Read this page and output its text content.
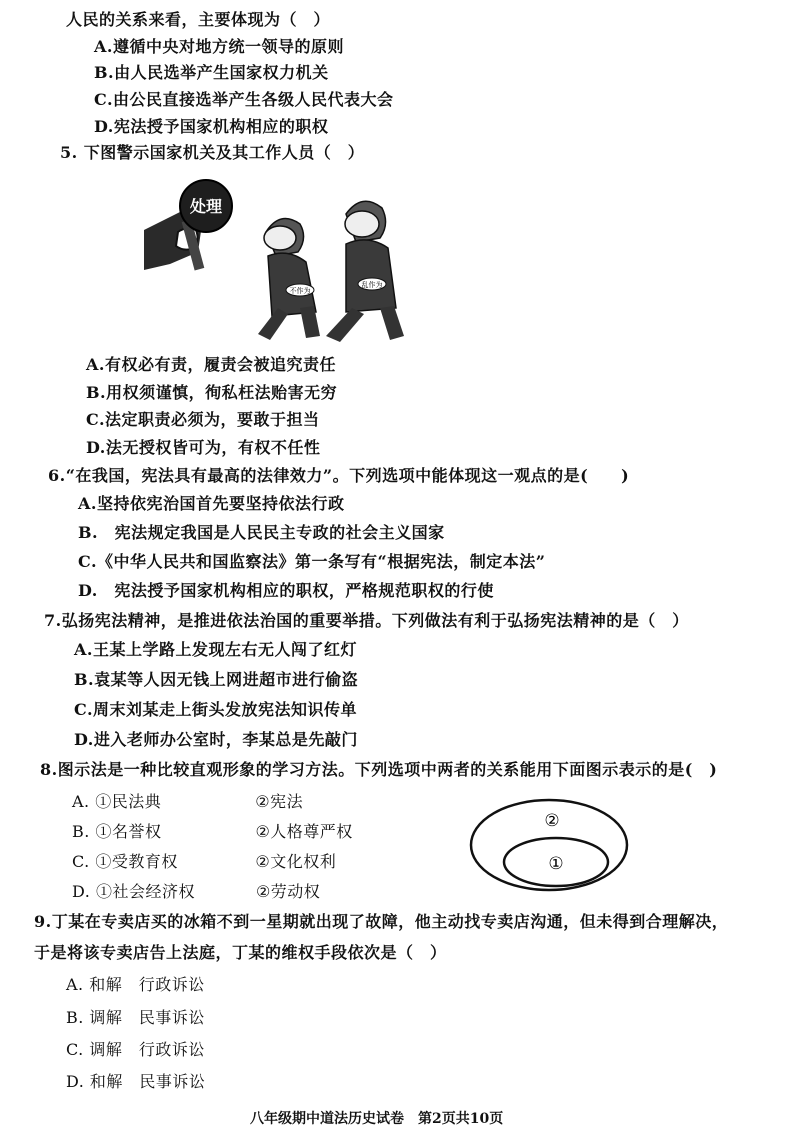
人民的关系来看，主要体现为（　）
A.遵循中央对地方统一领导的原则
B.由人民选举产生国家权力机关
C.由公民直接选举产生各级人民代表大会
D.宪法授予国家机构相应的职权
5. 下图警示国家机关及其工作人员（　）
处理
不作为
乱作为
A.有权必有责，履责会被追究责任
B.用权须谨慎，徇私枉法贻害无穷
C.法定职责必须为，要敢于担当
D.法无授权皆可为，有权不任性
6.“在我国，宪法具有最高的法律效力”。下列选项中能体现这一观点的是(　　)
A.坚持依宪治国首先要坚持依法行政
B.　宪法规定我国是人民民主专政的社会主义国家
C.《中华人民共和国监察法》第一条写有“根据宪法，制定本法”
D.　宪法授予国家机构相应的职权，严格规范职权的行使
7.弘扬宪法精神，是推进依法治国的重要举措。下列做法有利于弘扬宪法精神的是（　）
A.王某上学路上发现左右无人闯了红灯
B.袁某等人因无钱上网进超市进行偷盗
C.周末刘某走上街头发放宪法知识传单
D.进入老师办公室时，李某总是先敲门
8.图示法是一种比较直观形象的学习方法。下列选项中两者的关系能用下面图示表示的是(　)
A. ①民法典	②宪法
B. ①名誉权	②人格尊严权
C. ①受教育权	②文化权利
D. ①社会经济权	②劳动权
②
①
9.丁某在专卖店买的冰箱不到一星期就出现了故障，他主动找专卖店沟通，但未得到合理解决，
于是将该专卖店告上法庭，丁某的维权手段依次是（　）
A. 和解　行政诉讼
B. 调解　民事诉讼
C. 调解　行政诉讼
D. 和解　民事诉讼
八年级期中道法历史试卷　第2页共10页
